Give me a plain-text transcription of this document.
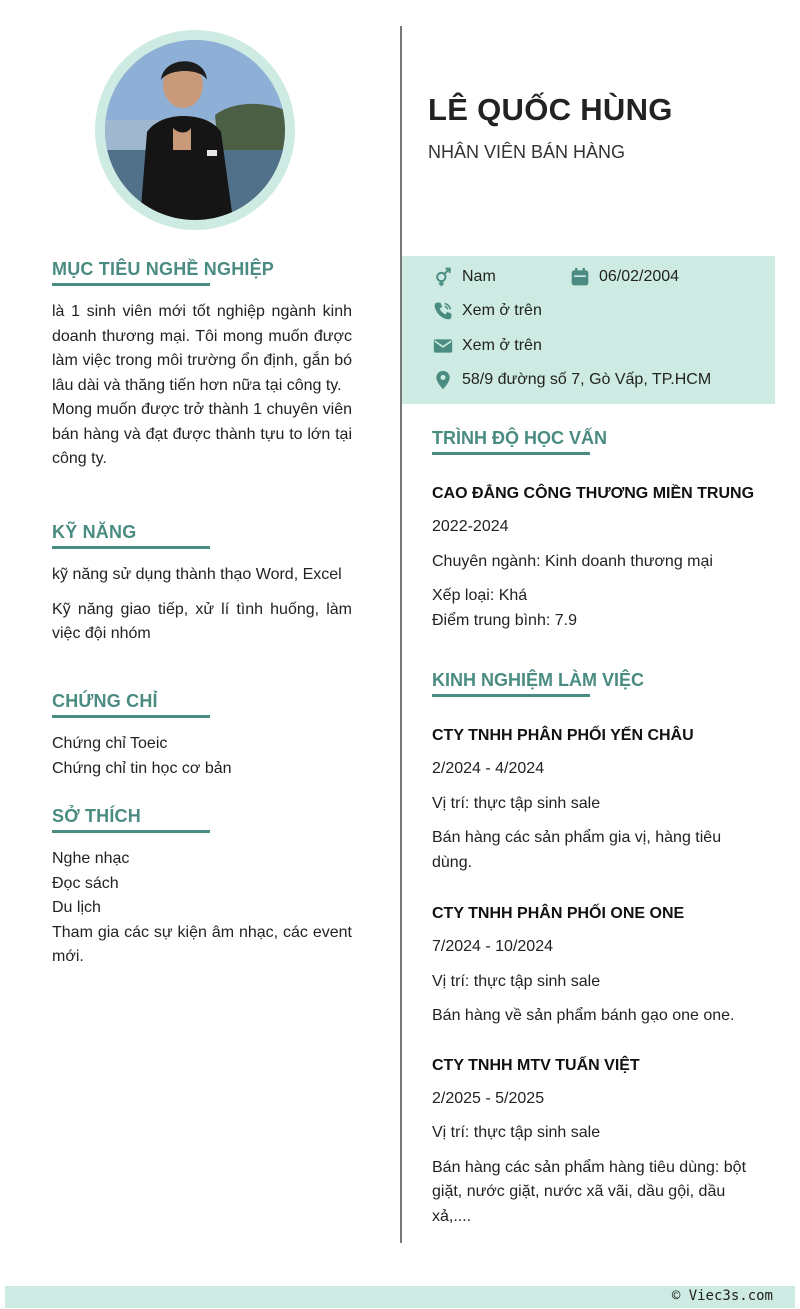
MỤC TIÊU NGHỀ NGHIỆP
là 1 sinh viên mới tốt nghiệp ngành kinh doanh thương mại. Tôi mong muốn được làm việc trong môi trường ổn định, gắn bó lâu dài và thăng tiến hơn nữa tại công ty.
Mong muốn được trở thành 1 chuyên viên bán hàng và đạt được thành tựu to lớn tại công ty.
KỸ NĂNG
kỹ năng sử dụng thành thạo Word, Excel
Kỹ năng giao tiếp, xử lí tình huống, làm việc đội nhóm
CHỨNG CHỈ
Chứng chỉ Toeic
Chứng chỉ tin học cơ bản
SỞ THÍCH
Nghe nhạc
Đọc sách
Du lịch
Tham gia các sự kiện âm nhạc, các event mới.
LÊ QUỐC HÙNG
NHÂN VIÊN BÁN HÀNG
Nam	06/02/2004
Xem ở trên
Xem ở trên
58/9 đường số 7, Gò Vấp, TP.HCM
TRÌNH ĐỘ HỌC VẤN
CAO ĐẲNG CÔNG THƯƠNG MIỀN TRUNG
2022-2024
Chuyên ngành: Kinh doanh thương mại
Xếp loại: Khá
Điểm trung bình: 7.9
KINH NGHIỆM LÀM VIỆC
CTY TNHH PHÂN PHỐI YẾN CHÂU
2/2024 - 4/2024
Vị trí: thực tập sinh sale
Bán hàng các sản phẩm gia vị, hàng tiêu dùng.
CTY TNHH PHÂN PHỐI ONE ONE
7/2024 - 10/2024
Vị trí: thực tập sinh sale
Bán hàng về sản phẩm bánh gạo one one.
CTY TNHH MTV TUẤN VIỆT
2/2025 - 5/2025
Vị trí: thực tập sinh sale
Bán hàng các sản phẩm hàng tiêu dùng: bột giặt, nước giặt, nước xã vãi, dầu gội, dầu xả,....
© Viec3s.com
